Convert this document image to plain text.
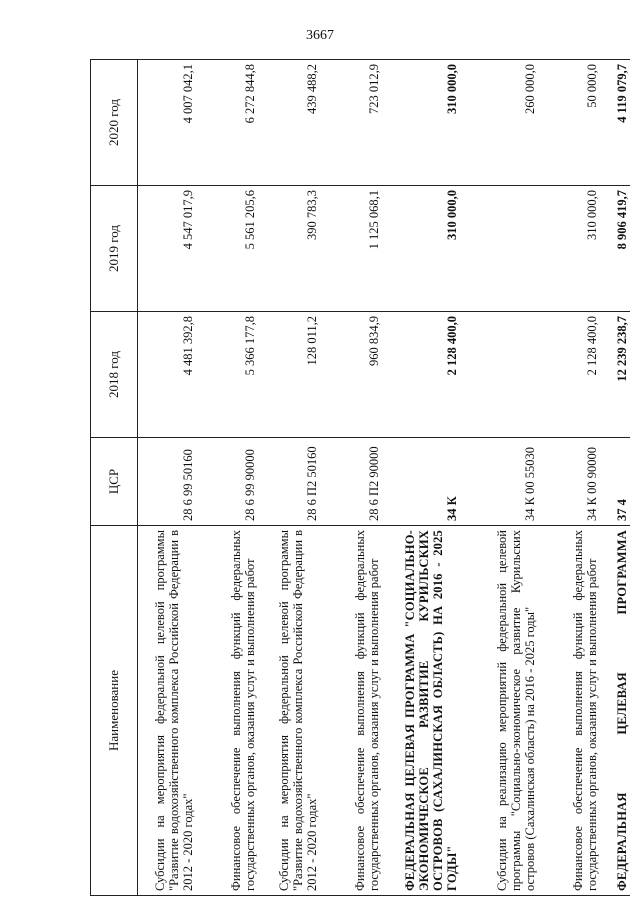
3667
Наименование	ЦСР	2018 год	2019 год	2020 год
Субсидии на мероприятия федеральной целевой программы "Развитие водохозяйственного комплекса Российской Федерации в 2012 - 2020 годах"	28 6 99 50160	4 481 392,8	4 547 017,9	4 007 042,1
Финансовое обеспечение выполнения функций федеральных государственных органов, оказания услуг и выполнения работ	28 6 99 90000	5 366 177,8	5 561 205,6	6 272 844,8
Субсидии на мероприятия федеральной целевой программы "Развитие водохозяйственного комплекса Российской Федерации в 2012 - 2020 годах"	28 6 П2 50160	128 011,2	390 783,3	439 488,2
Финансовое обеспечение выполнения функций федеральных государственных органов, оказания услуг и выполнения работ	28 6 П2 90000	960 834,9	1 125 068,1	723 012,9
ФЕДЕРАЛЬНАЯ ЦЕЛЕВАЯ ПРОГРАММА "СОЦИАЛЬНО-ЭКОНОМИЧЕСКОЕ РАЗВИТИЕ КУРИЛЬСКИХ ОСТРОВОВ (САХАЛИНСКАЯ ОБЛАСТЬ) НА 2016 - 2025 ГОДЫ"	34 К	2 128 400,0	310 000,0	310 000,0
Субсидии на реализацию мероприятий федеральной целевой программы "Социально-экономическое развитие Курильских островов (Сахалинская область) на 2016 - 2025 годы"	34 К 00 55030			260 000,0
Финансовое обеспечение выполнения функций федеральных государственных органов, оказания услуг и выполнения работ	34 К 00 90000	2 128 400,0	310 000,0	50 000,0
ФЕДЕРАЛЬНАЯ ЦЕЛЕВАЯ ПРОГРАММА	37 4	12 239 238,7	8 906 419,7	4 119 079,7
